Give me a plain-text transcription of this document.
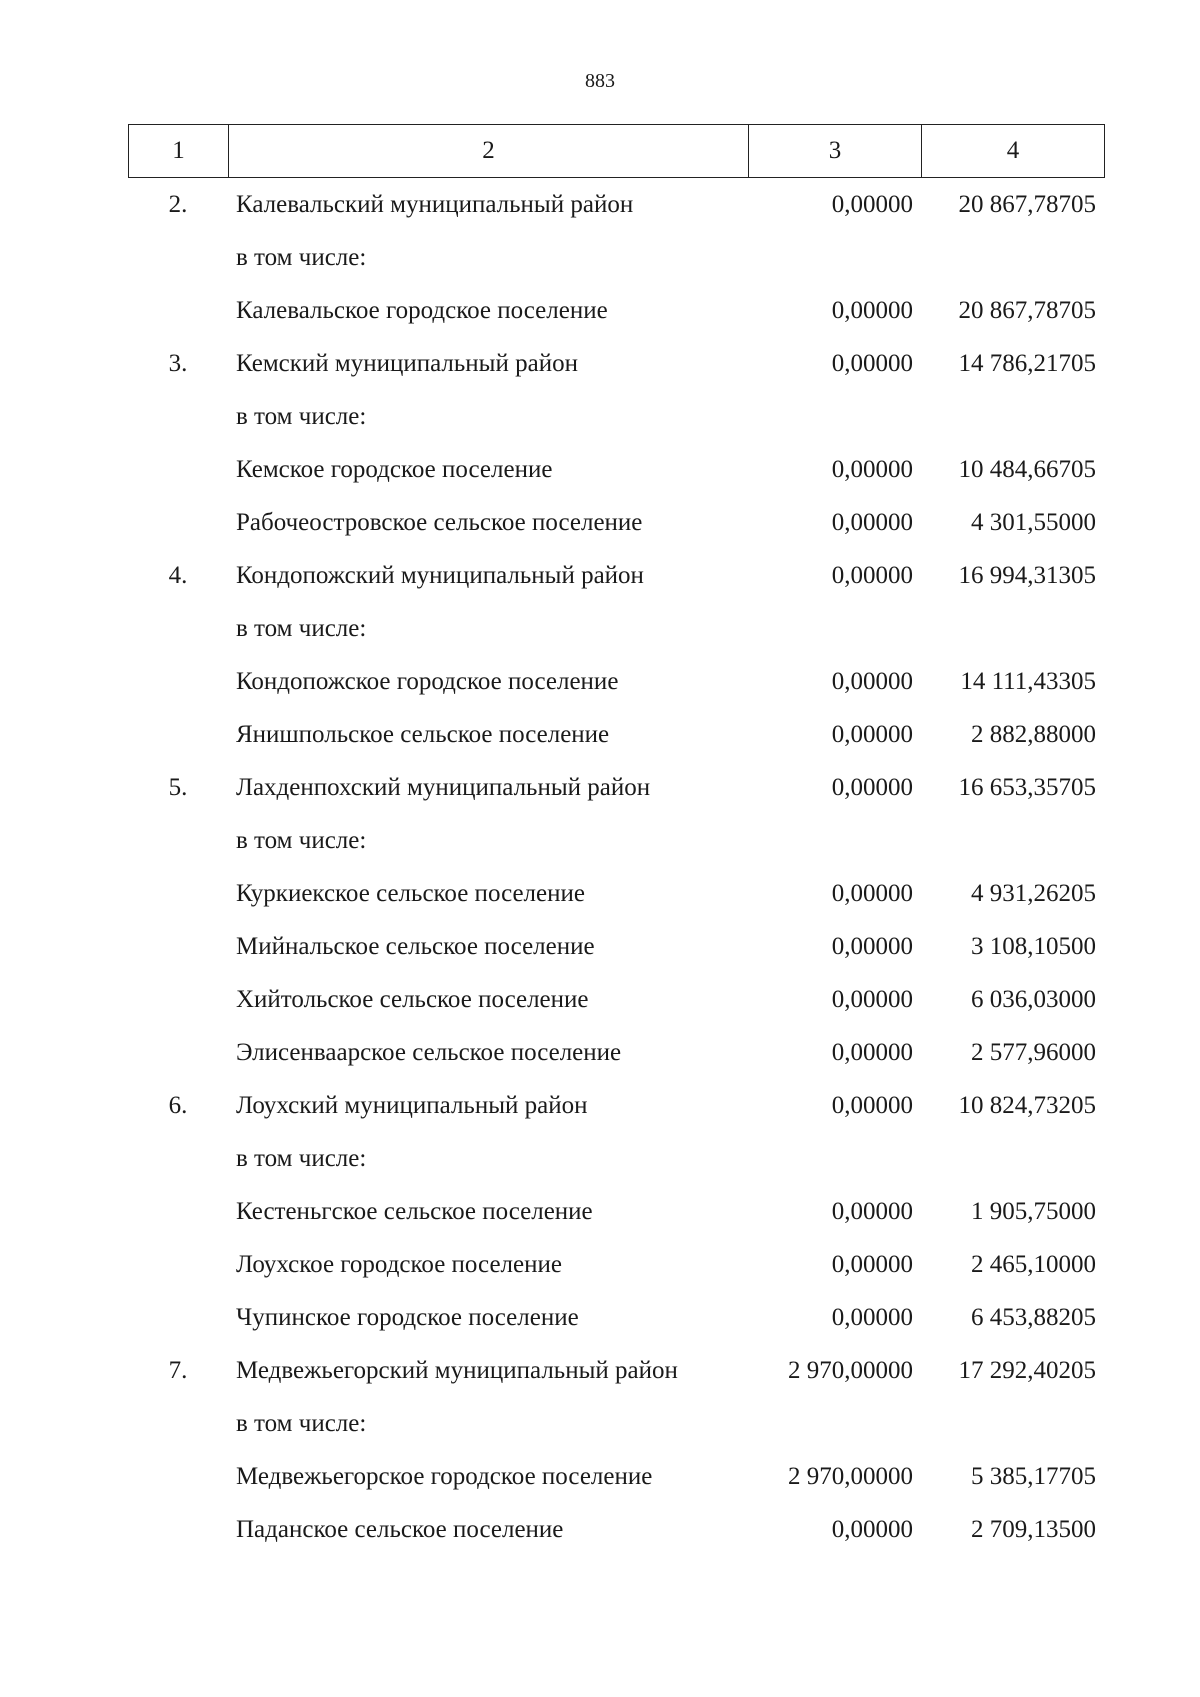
883
1	2	3	4
2.	Калевальский муниципальный район	0,00000	20 867,78705
	в том числе:		
	Калевальское городское поселение	0,00000	20 867,78705
3.	Кемский муниципальный район	0,00000	14 786,21705
	в том числе:		
	Кемское городское поселение	0,00000	10 484,66705
	Рабочеостровское сельское поселение	0,00000	4 301,55000
4.	Кондопожский муниципальный район	0,00000	16 994,31305
	в том числе:		
	Кондопожское городское поселение	0,00000	14 111,43305
	Янишпольское сельское поселение	0,00000	2 882,88000
5.	Лахденпохский муниципальный район	0,00000	16 653,35705
	в том числе:		
	Куркиекское сельское поселение	0,00000	4 931,26205
	Мийнальское сельское поселение	0,00000	3 108,10500
	Хийтольское сельское поселение	0,00000	6 036,03000
	Элисенваарское сельское поселение	0,00000	2 577,96000
6.	Лоухский муниципальный район	0,00000	10 824,73205
	в том числе:		
	Кестеньгское сельское поселение	0,00000	1 905,75000
	Лоухское городское поселение	0,00000	2 465,10000
	Чупинское городское поселение	0,00000	6 453,88205
7.	Медвежьегорский муниципальный район	2 970,00000	17 292,40205
	в том числе:		
	Медвежьегорское городское поселение	2 970,00000	5 385,17705
	Паданское сельское поселение	0,00000	2 709,13500
